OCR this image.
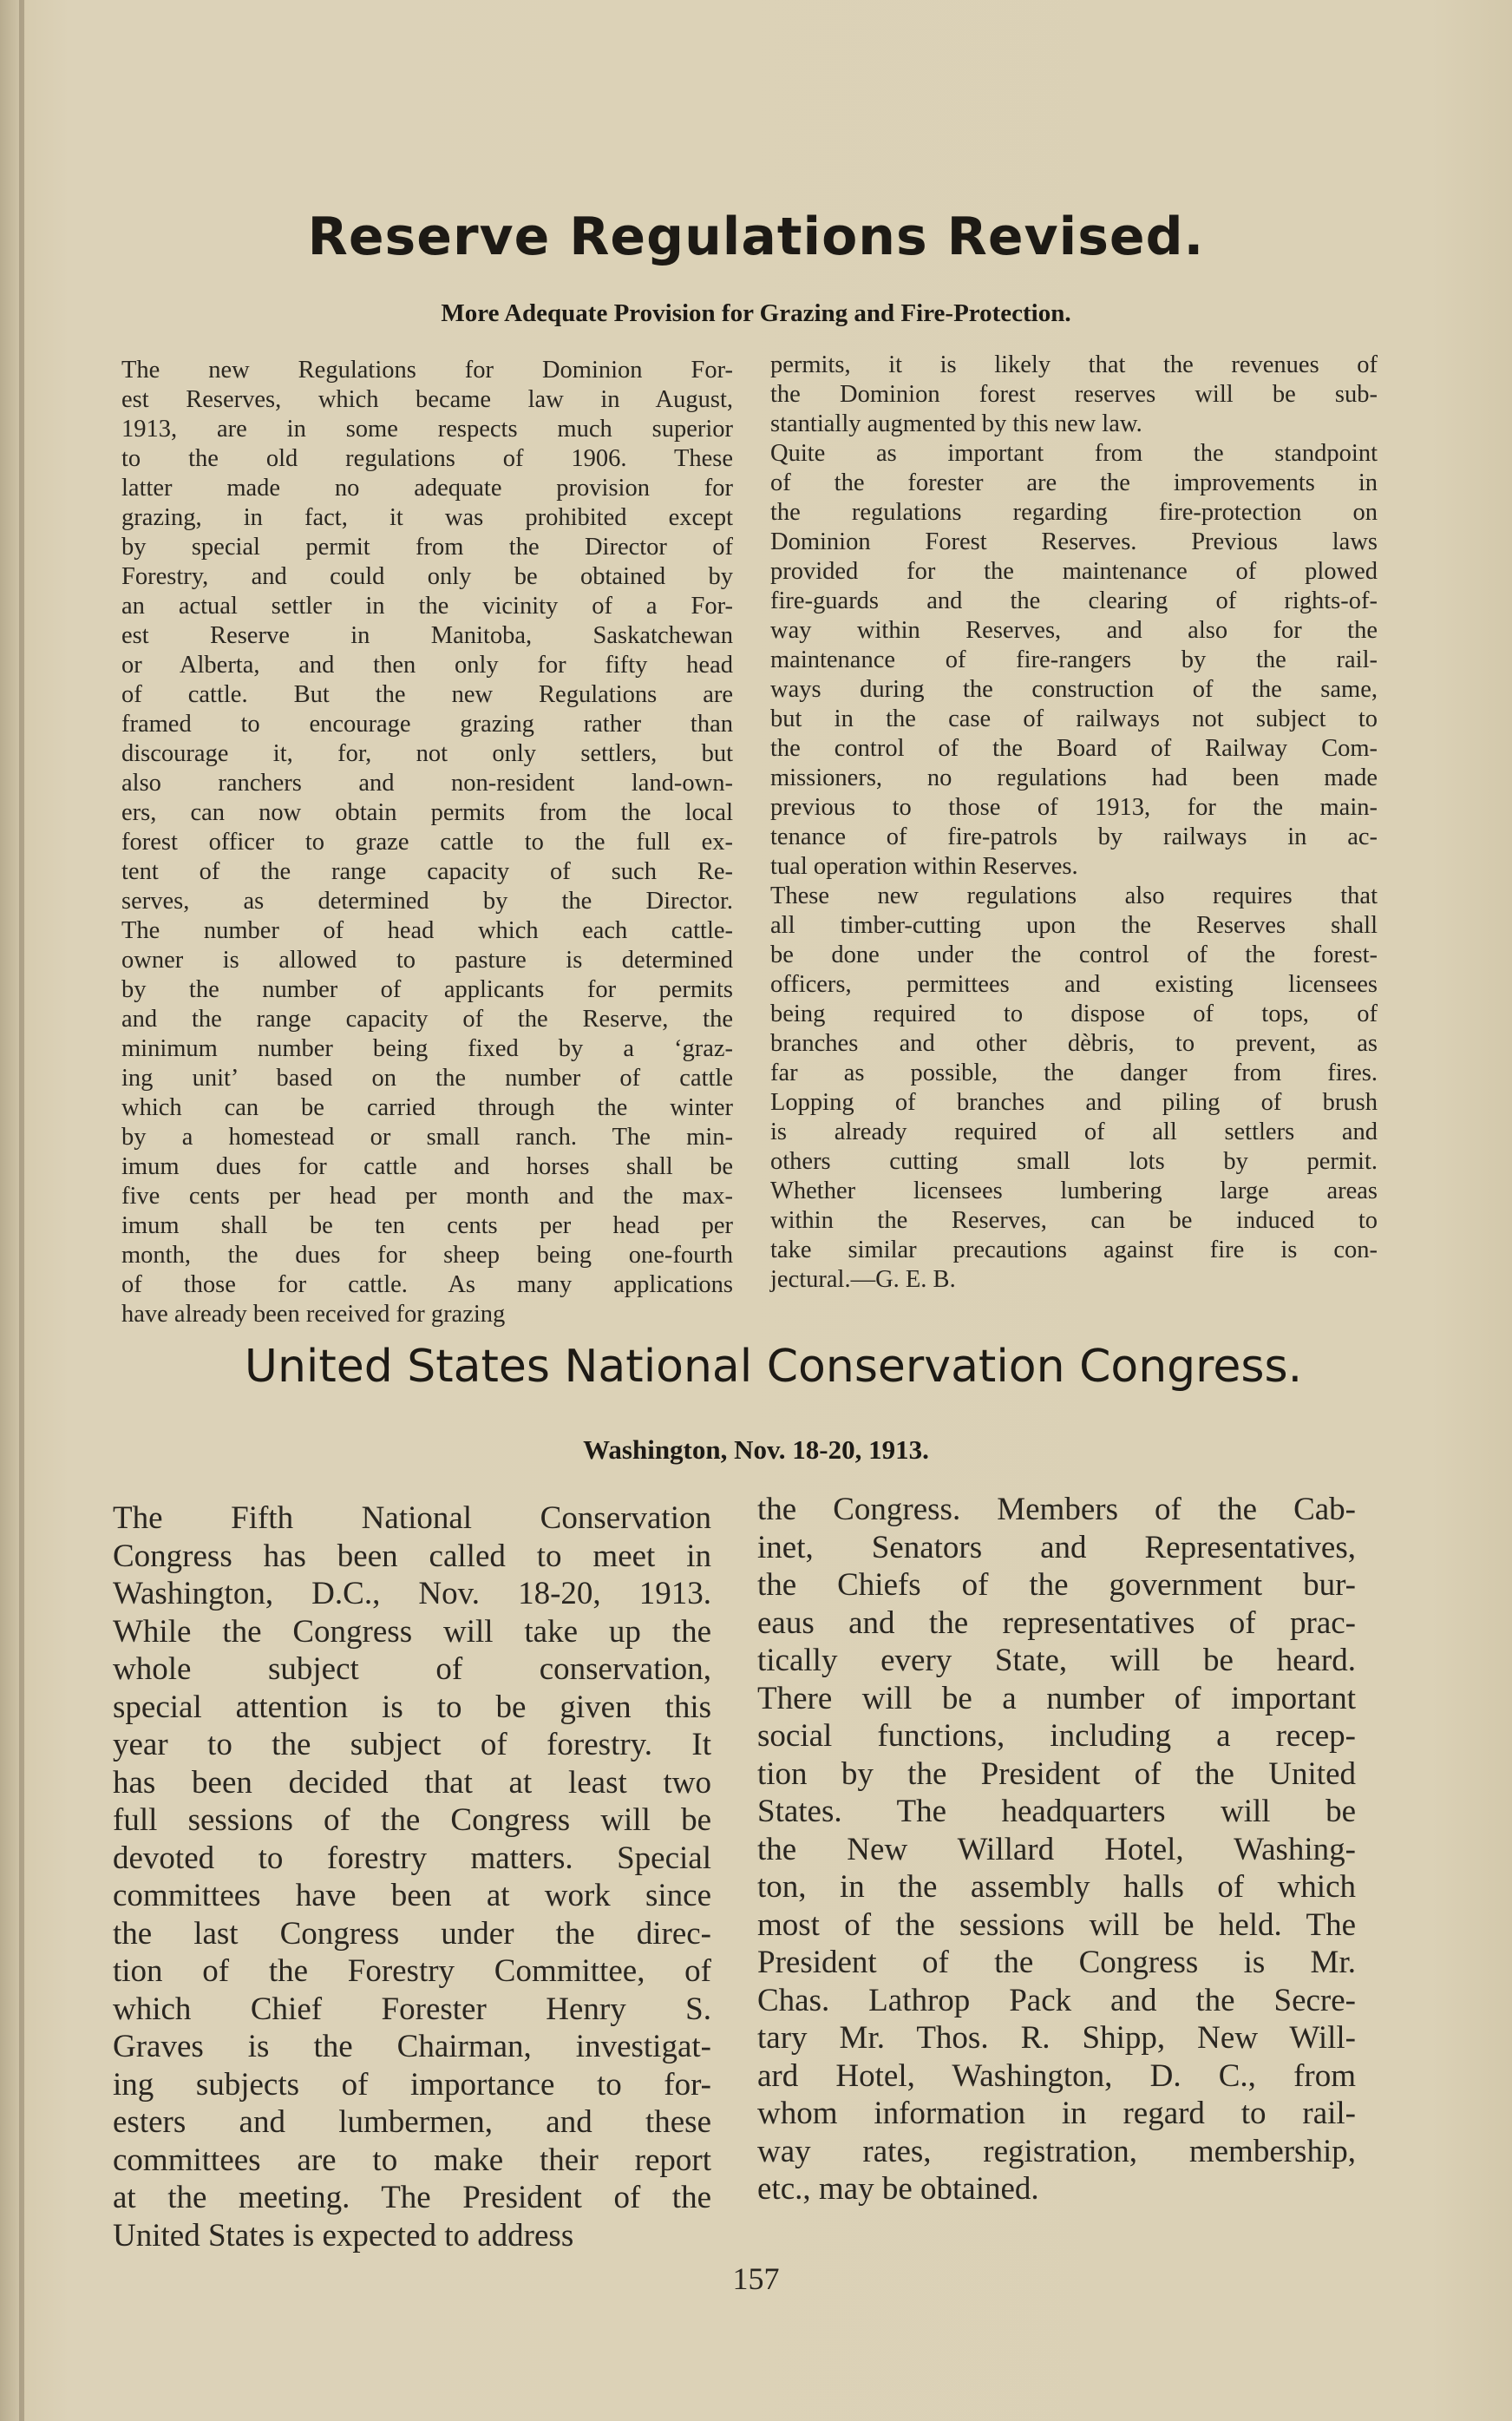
Reserve Regulations Revised.
More Adequate Provision for Grazing and Fire-Protection.
The new Regulations for Dominion For-
est Reserves, which became law in August,
1913, are in some respects much superior
to the old regulations of 1906. These
latter made no adequate provision for
grazing, in fact, it was prohibited except
by special permit from the Director of
Forestry, and could only be obtained by
an actual settler in the vicinity of a For-
est Reserve in Manitoba, Saskatchewan
or Alberta, and then only for fifty head
of cattle. But the new Regulations are
framed to encourage grazing rather than
discourage it, for, not only settlers, but
also ranchers and non-resident land-own-
ers, can now obtain permits from the local
forest officer to graze cattle to the full ex-
tent of the range capacity of such Re-
serves, as determined by the Director.
The number of head which each cattle-
owner is allowed to pasture is determined
by the number of applicants for permits
and the range capacity of the Reserve, the
minimum number being fixed by a ‘graz-
ing unit’ based on the number of cattle
which can be carried through the winter
by a homestead or small ranch. The min-
imum dues for cattle and horses shall be
five cents per head per month and the max-
imum shall be ten cents per head per
month, the dues for sheep being one-fourth
of those for cattle. As many applications
have already been received for grazing
permits, it is likely that the revenues of
the Dominion forest reserves will be sub-
stantially augmented by this new law.
Quite as important from the standpoint
of the forester are the improvements in
the regulations regarding fire-protection on
Dominion Forest Reserves. Previous laws
provided for the maintenance of plowed
fire-guards and the clearing of rights-of-
way within Reserves, and also for the
maintenance of fire-rangers by the rail-
ways during the construction of the same,
but in the case of railways not subject to
the control of the Board of Railway Com-
missioners, no regulations had been made
previous to those of 1913, for the main-
tenance of fire-patrols by railways in ac-
tual operation within Reserves.
These new regulations also requires that
all timber-cutting upon the Reserves shall
be done under the control of the forest-
officers, permittees and existing licensees
being required to dispose of tops, of
branches and other dèbris, to prevent, as
far as possible, the danger from fires.
Lopping of branches and piling of brush
is already required of all settlers and
others cutting small lots by permit.
Whether licensees lumbering large areas
within the Reserves, can be induced to
take similar precautions against fire is con-
jectural.—G. E. B.
United States National Conservation Congress.
Washington, Nov. 18-20, 1913.
The Fifth National Conservation
Congress has been called to meet in
Washington, D.C., Nov. 18-20, 1913.
While the Congress will take up the
whole subject of conservation,
special attention is to be given this
year to the subject of forestry. It
has been decided that at least two
full sessions of the Congress will be
devoted to forestry matters. Special
committees have been at work since
the last Congress under the direc-
tion of the Forestry Committee, of
which Chief Forester Henry S.
Graves is the Chairman, investigat-
ing subjects of importance to for-
esters and lumbermen, and these
committees are to make their report
at the meeting. The President of the
United States is expected to address
the Congress. Members of the Cab-
inet, Senators and Representatives,
the Chiefs of the government bur-
eaus and the representatives of prac-
tically every State, will be heard.
There will be a number of important
social functions, including a recep-
tion by the President of the United
States. The headquarters will be
the New Willard Hotel, Washing-
ton, in the assembly halls of which
most of the sessions will be held. The
President of the Congress is Mr.
Chas. Lathrop Pack and the Secre-
tary Mr. Thos. R. Shipp, New Will-
ard Hotel, Washington, D. C., from
whom information in regard to rail-
way rates, registration, membership,
etc., may be obtained.
157
